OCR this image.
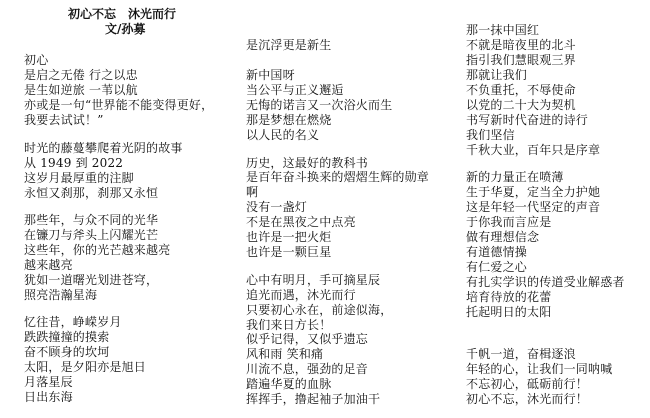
初心不忘　沐光而行
文/孙募
初心
是启之无倦 行之以忠
是生如逆旅 一苇以航
亦或是一句“世界能不能变得更好，
我要去试试！”
时光的藤蔓攀爬着光阴的故事
从 1949 到 2022
这岁月最厚重的注脚
永恒又刹那，刹那又永恒
那些年，与众不同的光华
在镰刀与斧头上闪耀光芒
这些年，你的光芒越来越亮
越来越亮
犹如一道曙光划进苍穹，
照亮浩瀚星海
忆往昔，峥嵘岁月
跌跌撞撞的摸索
奋不顾身的坎坷
太阳，是夕阳亦是旭日
月落星辰
日出东海
是沉浮更是新生
新中国呀
当公平与正义邂逅
无悔的诺言又一次浴火而生
那是梦想在燃烧
以人民的名义
历史，这最好的教科书
是百年奋斗换来的熠熠生辉的勋章
啊
没有一盏灯
不是在黑夜之中点亮
也许是一把火炬
也许是一颗巨星
心中有明月，手可摘星辰
追光而遇，沐光而行
只要初心永在，前途似海，
我们来日方长！
似乎记得，又似乎遗忘
风和雨 笑和痛
川流不息，强劲的足音
踏遍华夏的血脉
挥挥手，撸起袖子加油干
那一抹中国红
不就是暗夜里的北斗
指引我们慧眼观三界
那就让我们
不负重托，不辱使命
以党的二十大为契机
书写新时代奋进的诗行
我们坚信
千秋大业，百年只是序章
新的力量正在喷薄
生于华夏，定当全力护她
这是年轻一代坚定的声音
于你我而言应是
做有理想信念
有道德情操
有仁爱之心
有扎实学识的传道受业解惑者
培育待放的花蕾
托起明日的太阳
千帆一道，奋楫逐浪
年轻的心，让我们一同呐喊
不忘初心，砥砺前行！
初心不忘，沐光而行！
